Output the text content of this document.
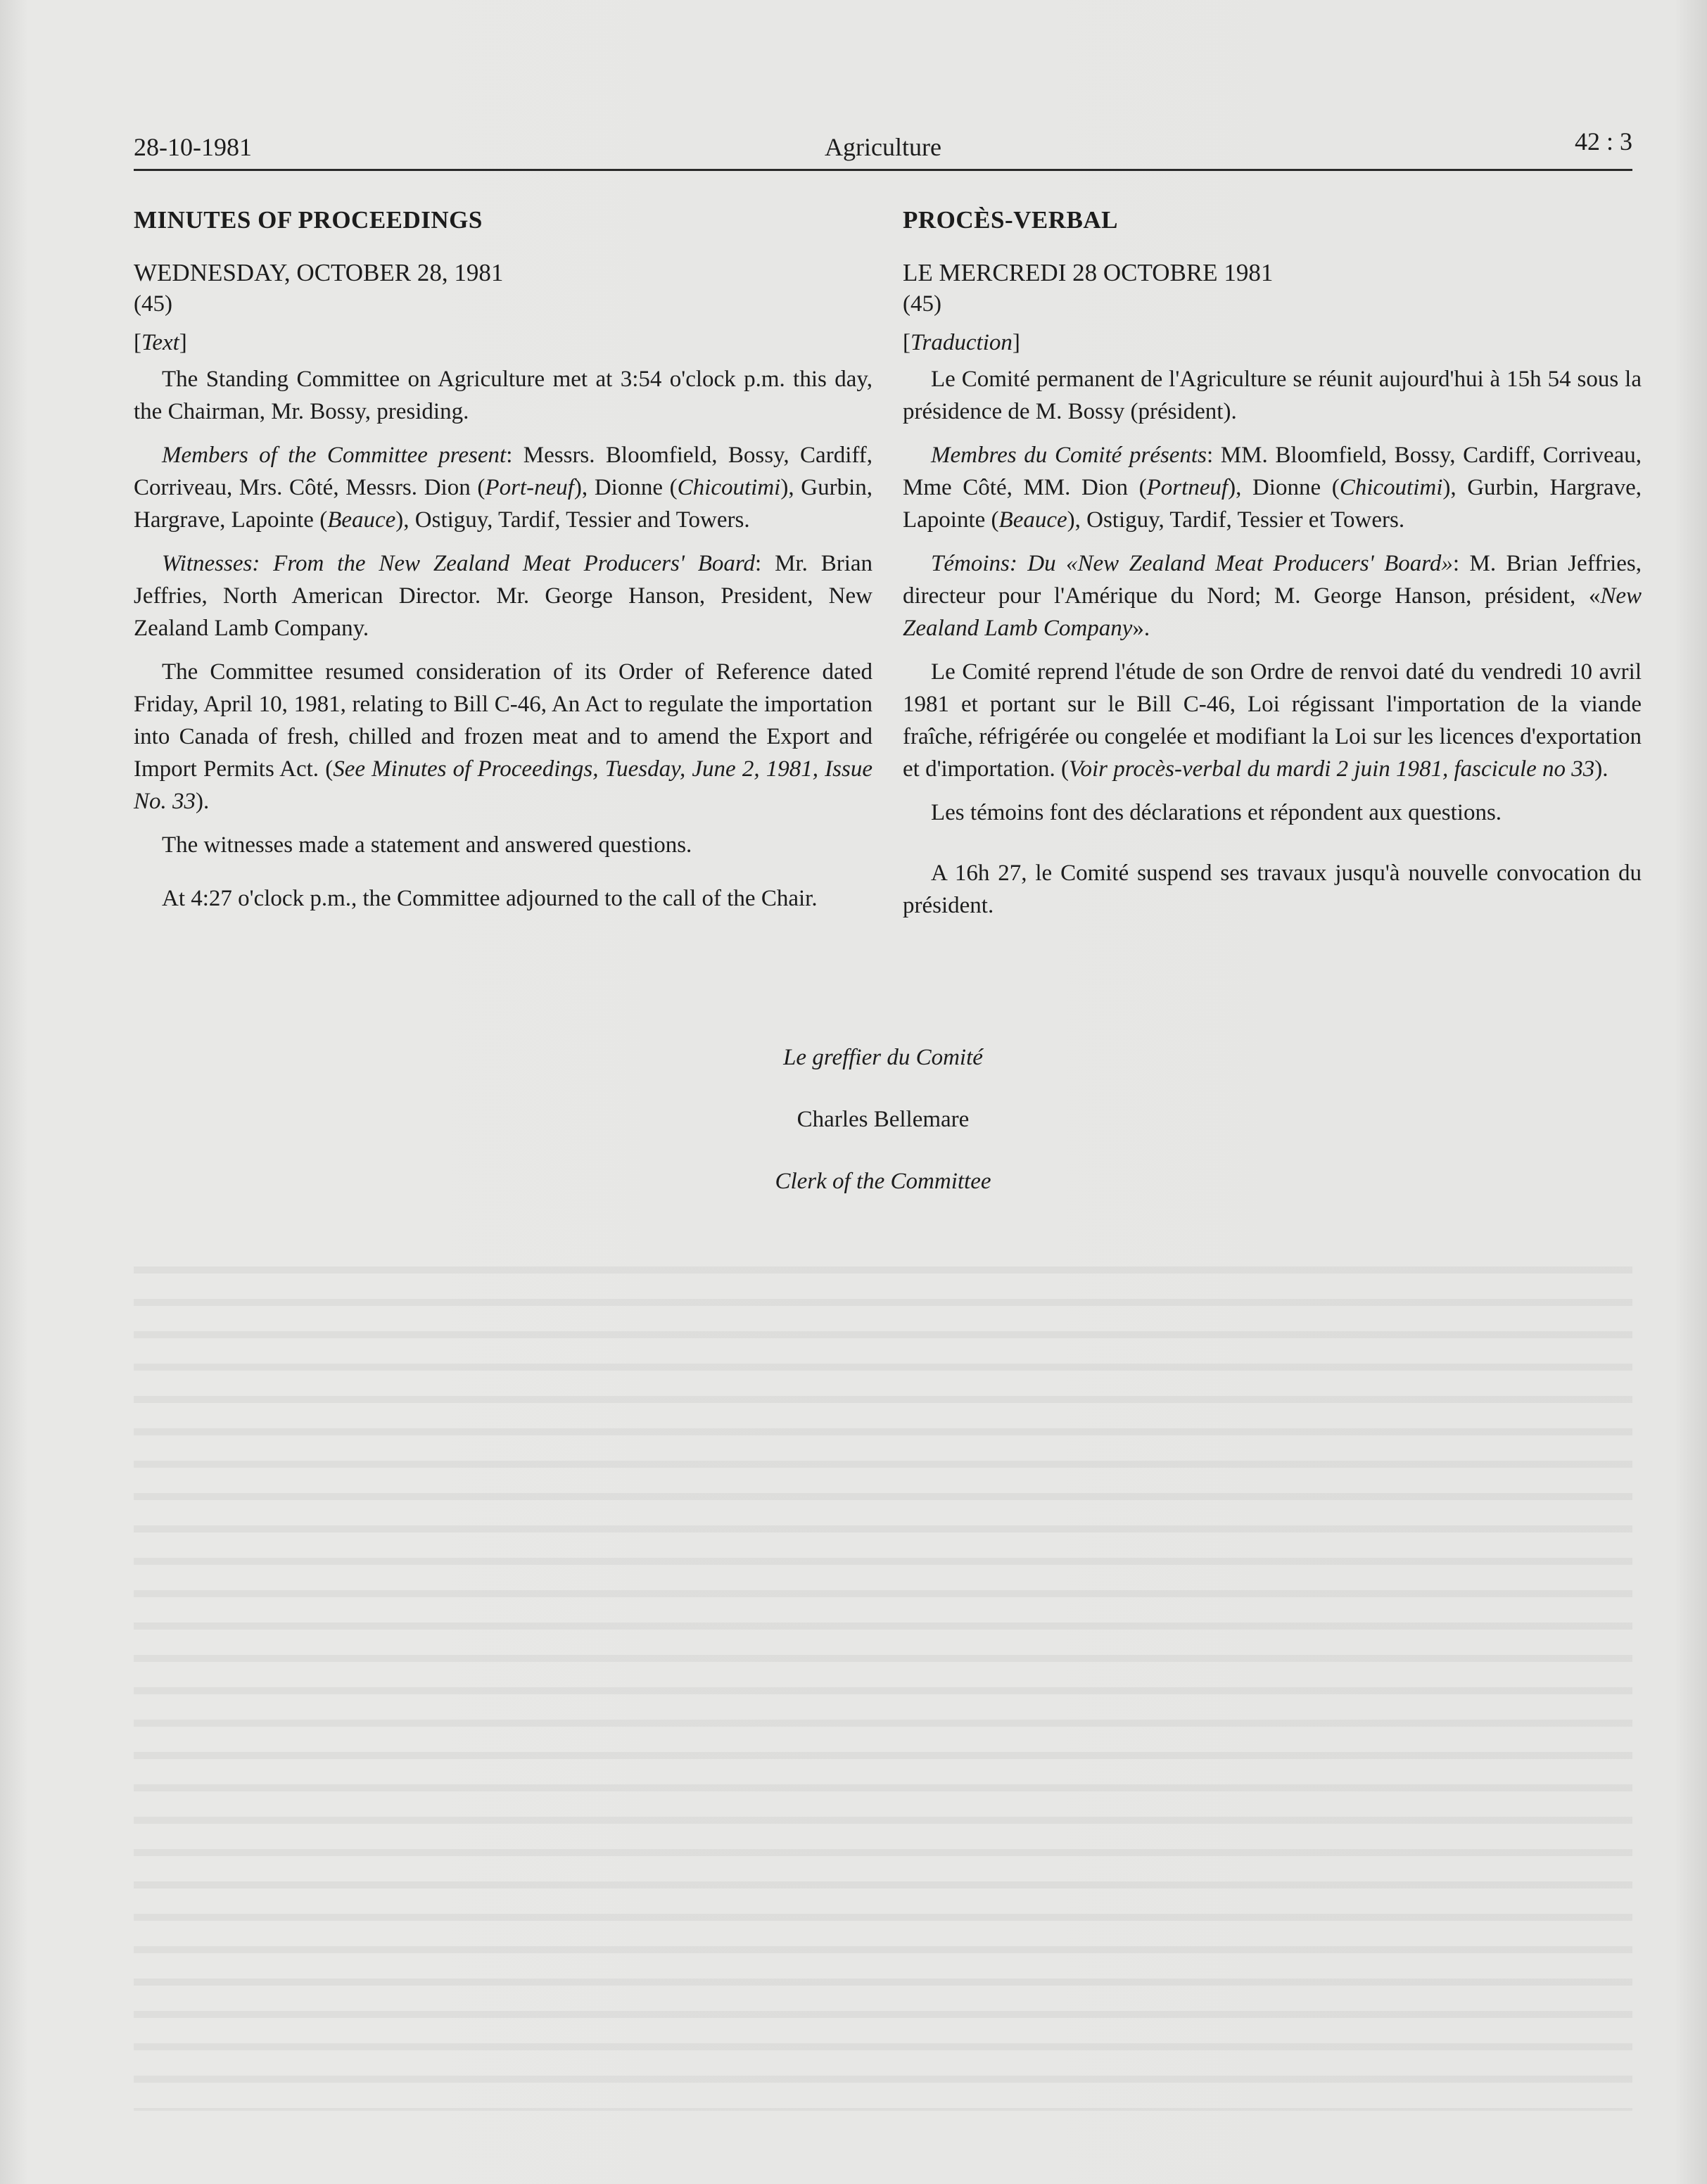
28-10-1981	Agriculture	42 : 3
MINUTES OF PROCEEDINGS

WEDNESDAY, OCTOBER 28, 1981

(45)

[Text]

The Standing Committee on Agriculture met at 3:54 o'clock p.m. this day, the Chairman, Mr. Bossy, presiding.

Members of the Committee present: Messrs. Bloomfield, Bossy, Cardiff, Corriveau, Mrs. Côté, Messrs. Dion (Port-neuf), Dionne (Chicoutimi), Gurbin, Hargrave, Lapointe (Beauce), Ostiguy, Tardif, Tessier and Towers.

Witnesses: From the New Zealand Meat Producers' Board: Mr. Brian Jeffries, North American Director. Mr. George Hanson, President, New Zealand Lamb Company.

The Committee resumed consideration of its Order of Reference dated Friday, April 10, 1981, relating to Bill C-46, An Act to regulate the importation into Canada of fresh, chilled and frozen meat and to amend the Export and Import Permits Act. (See Minutes of Proceedings, Tuesday, June 2, 1981, Issue No. 33).

The witnesses made a statement and answered questions.

At 4:27 o'clock p.m., the Committee adjourned to the call of the Chair.

PROCÈS-VERBAL

LE MERCREDI 28 OCTOBRE 1981

(45)

[Traduction]

Le Comité permanent de l'Agriculture se réunit aujourd'hui à 15h 54 sous la présidence de M. Bossy (président).

Membres du Comité présents: MM. Bloomfield, Bossy, Cardiff, Corriveau, Mme Côté, MM. Dion (Portneuf), Dionne (Chicoutimi), Gurbin, Hargrave, Lapointe (Beauce), Ostiguy, Tardif, Tessier et Towers.

Témoins: Du «New Zealand Meat Producers' Board»: M. Brian Jeffries, directeur pour l'Amérique du Nord; M. George Hanson, président, «New Zealand Lamb Company».

Le Comité reprend l'étude de son Ordre de renvoi daté du vendredi 10 avril 1981 et portant sur le Bill C-46, Loi régissant l'importation de la viande fraîche, réfrigérée ou congelée et modifiant la Loi sur les licences d'exportation et d'importation. (Voir procès-verbal du mardi 2 juin 1981, fascicule no 33).

Les témoins font des déclarations et répondent aux questions.

A 16h 27, le Comité suspend ses travaux jusqu'à nouvelle convocation du président.

Le greffier du Comité
Charles Bellemare
Clerk of the Committee
